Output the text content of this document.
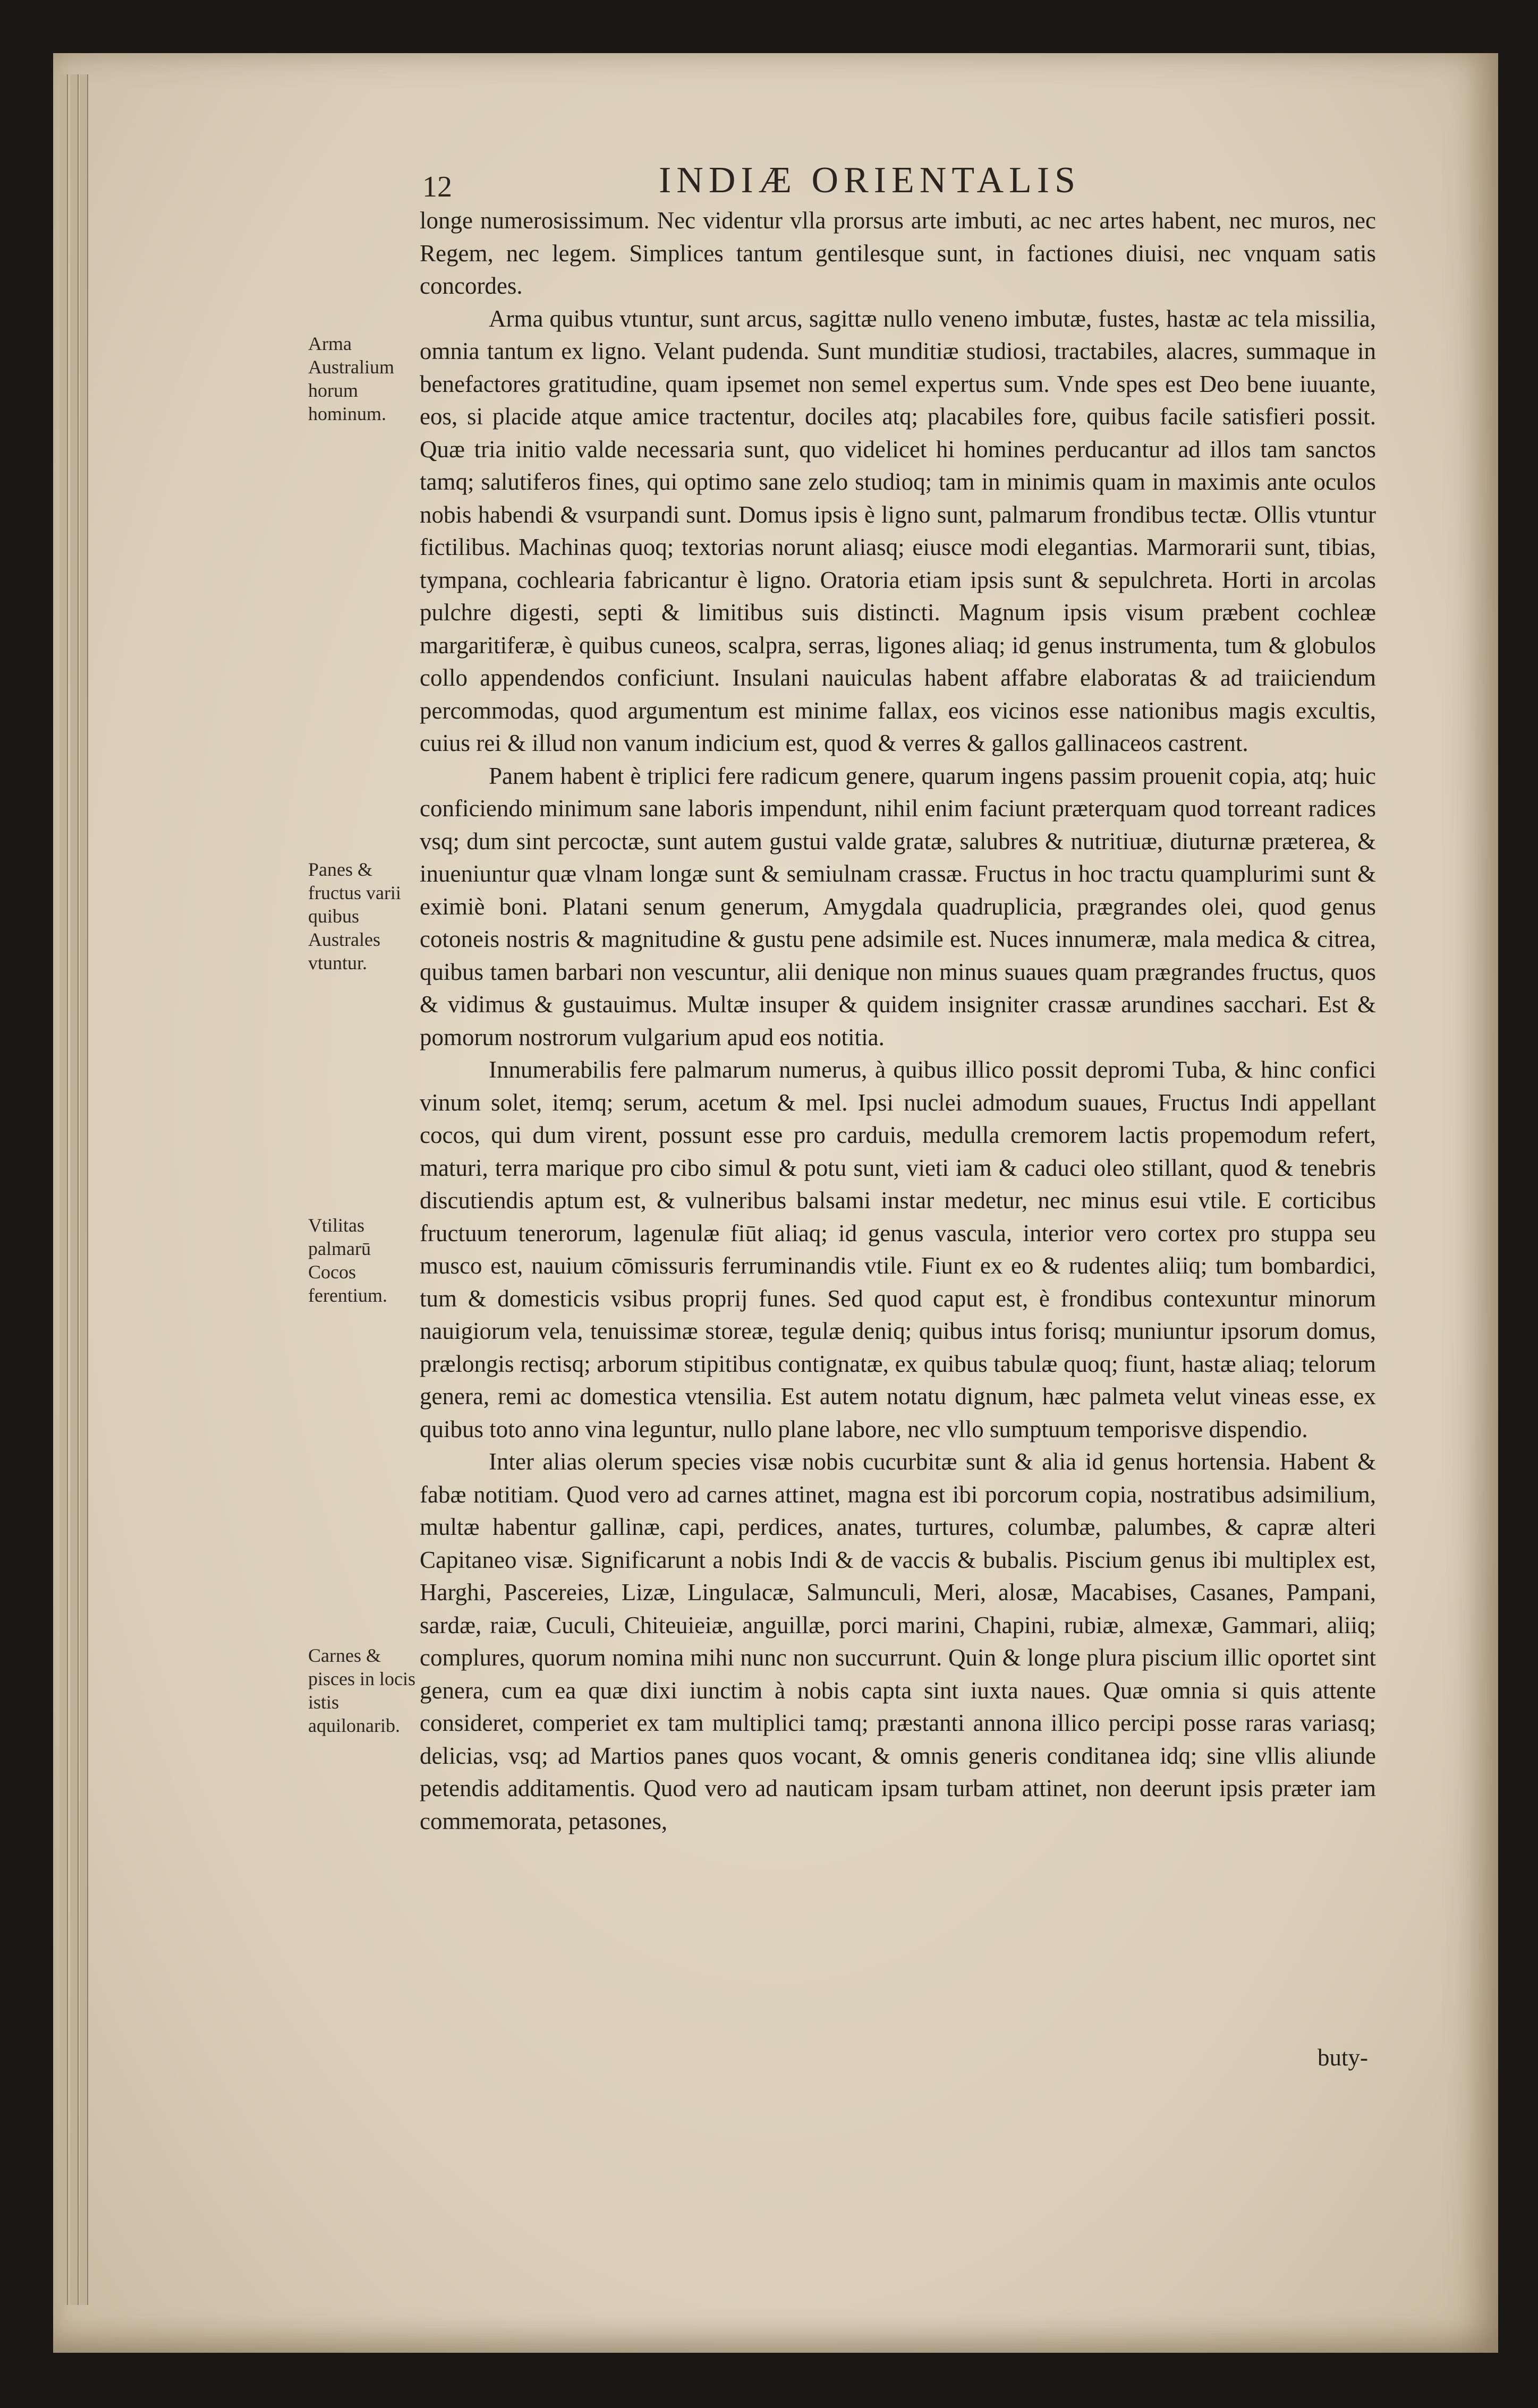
12	INDIÆ ORIENTALIS

longe numerosissimum. Nec videntur vlla prorsus arte imbuti, ac nec artes habent, nec muros, nec Regem, nec legem. Simplices tantum gentilesque sunt, in factiones diuisi, nec vnquam satis concordes.

Arma quibus vtuntur, sunt arcus, sagittæ nullo veneno imbutæ, fustes, hastæ ac tela missilia, omnia tantum ex ligno. Velant pudenda. Sunt munditiæ studiosi, tractabiles, alacres, summaque in benefactores gratitudine, quam ipsemet non semel expertus sum. Vnde spes est Deo bene iuuante, eos, si placide atque amice tractentur, dociles atq; placabiles fore, quibus facile satisfieri possit. Quæ tria initio valde necessaria sunt, quo videlicet hi homines perducantur ad illos tam sanctos tamq; salutiferos fines, qui optimo sane zelo studioq; tam in minimis quam in maximis ante oculos nobis habendi & vsurpandi sunt. Domus ipsis è ligno sunt, palmarum frondibus tectæ. Ollis vtuntur fictilibus. Machinas quoq; textorias norunt aliasq; eiusce modi elegantias. Marmorarii sunt, tibias, tympana, cochlearia fabricantur è ligno. Oratoria etiam ipsis sunt & sepulchreta. Horti in arcolas pulchre digesti, septi & limitibus suis distincti. Magnum ipsis visum præbent cochleæ margaritiferæ, è quibus cuneos, scalpra, serras, ligones aliaq; id genus instrumenta, tum & globulos collo appendendos conficiunt. Insulani nauiculas habent affabre elaboratas & ad traiiciendum percommodas, quod argumentum est minime fallax, eos vicinos esse nationibus magis excultis, cuius rei & illud non vanum indicium est, quod & verres & gallos gallinaceos castrent.

Panem habent è triplici fere radicum genere, quarum ingens passim prouenit copia, atq; huic conficiendo minimum sane laboris impendunt, nihil enim faciunt præterquam quod torreant radices vsq; dum sint percoctæ, sunt autem gustui valde gratæ, salubres & nutritiuæ, diuturnæ præterea, & inueniuntur quæ vlnam longæ sunt & semiulnam crassæ. Fructus in hoc tractu quamplurimi sunt & eximiè boni. Platani senum generum, Amygdala quadruplicia, prægrandes olei, quod genus cotoneis nostris & magnitudine & gustu pene adsimile est. Nuces innumeræ, mala medica & citrea, quibus tamen barbari non vescuntur, alii denique non minus suaues quam prægrandes fructus, quos & vidimus & gustauimus. Multæ insuper & quidem insigniter crassæ arundines sacchari. Est & pomorum nostrorum vulgarium apud eos notitia.

Innumerabilis fere palmarum numerus, à quibus illico possit depromi Tuba, & hinc confici vinum solet, itemq; serum, acetum & mel. Ipsi nuclei admodum suaues, Fructus Indi appellant cocos, qui dum virent, possunt esse pro carduis, medulla cremorem lactis propemodum refert, maturi, terra marique pro cibo simul & potu sunt, vieti iam & caduci oleo stillant, quod & tenebris discutiendis aptum est, & vulneribus balsami instar medetur, nec minus esui vtile. E corticibus fructuum tenerorum, lagenulæ fiūt aliaq; id genus vascula, interior vero cortex pro stuppa seu musco est, nauium cōmissuris ferruminandis vtile. Fiunt ex eo & rudentes aliiq; tum bombardici, tum & domesticis vsibus proprij funes. Sed quod caput est, è frondibus contexuntur minorum nauigiorum vela, tenuissimæ storeæ, tegulæ deniq; quibus intus forisq; muniuntur ipsorum domus, prælongis rectisq; arborum stipitibus contignatæ, ex quibus tabulæ quoq; fiunt, hastæ aliaq; telorum genera, remi ac domestica vtensilia. Est autem notatu dignum, hæc palmeta velut vineas esse, ex quibus toto anno vina leguntur, nullo plane labore, nec vllo sumptuum temporisve dispendio.

Inter alias olerum species visæ nobis cucurbitæ sunt & alia id genus hortensia. Habent & fabæ notitiam. Quod vero ad carnes attinet, magna est ibi porcorum copia, nostratibus adsimilium, multæ habentur gallinæ, capi, perdices, anates, turtures, columbæ, palumbes, & capræ alteri Capitaneo visæ. Significarunt a nobis Indi & de vaccis & bubalis. Piscium genus ibi multiplex est, Harghi, Pascereies, Lizæ, Lingulacæ, Salmunculi, Meri, alosæ, Macabises, Casanes, Pampani, sardæ, raiæ, Cuculi, Chiteuieiæ, anguillæ, porci marini, Chapini, rubiæ, almexæ, Gammari, aliiq; complures, quorum nomina mihi nunc non succurrunt. Quin & longe plura piscium illic oportet sint genera, cum ea quæ dixi iunctim à nobis capta sint iuxta naues. Quæ omnia si quis attente consideret, comperiet ex tam multiplici tamq; præstanti annona illico percipi posse raras variasq; delicias, vsq; ad Martios panes quos vocant, & omnis generis conditanea idq; sine vllis aliunde petendis additamentis. Quod vero ad nauticam ipsam turbam attinet, non deerunt ipsis præter iam commemorata, petasones,

Arma Australium horum hominum.
Panes & fructus varii quibus Australes vtuntur.
Vtilitas palmarū Cocos ferentium.
Carnes & pisces in locis istis aquilonarib.
buty-
